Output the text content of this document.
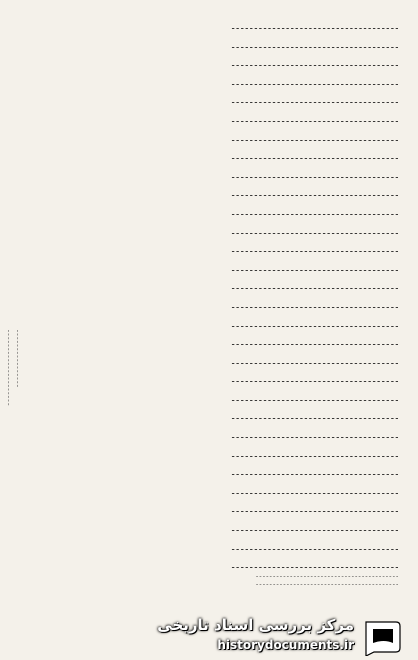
ـ ـ ـ ـ ـ ـ ـ ـ ـ ـ ـ ـ ـ ـ ـ ـ ـ ـ ـ ـ ـ ـ ـ ـ ـ ـ ـ ـ ـ ـ ـ ـ ـ ـ ـ ـ ـ
ـ ـ ـ ـ ـ ـ ـ ـ ـ ـ ـ ـ ـ ـ ـ ـ ـ ـ ـ ـ ـ ـ ـ ـ ـ ـ ـ ـ ـ ـ ـ ـ ـ ـ ـ ـ ـ
ـ ـ ـ ـ ـ ـ ـ ـ ـ ـ ـ ـ ـ ـ ـ ـ ـ ـ ـ ـ ـ ـ ـ ـ ـ ـ ـ ـ ـ ـ ـ ـ ـ ـ ـ ـ ـ
ـ ـ ـ ـ ـ ـ ـ ـ ـ ـ ـ ـ ـ ـ ـ ـ ـ ـ ـ ـ ـ ـ ـ ـ ـ ـ ـ ـ ـ ـ ـ ـ ـ ـ ـ ـ ـ
ـ ـ ـ ـ ـ ـ ـ ـ ـ ـ ـ ـ ـ ـ ـ ـ ـ ـ ـ ـ ـ ـ ـ ـ ـ ـ ـ ـ ـ ـ ـ ـ ـ ـ ـ ـ ـ
ـ ـ ـ ـ ـ ـ ـ ـ ـ ـ ـ ـ ـ ـ ـ ـ ـ ـ ـ ـ ـ ـ ـ ـ ـ ـ ـ ـ ـ ـ ـ ـ ـ ـ ـ ـ ـ
ـ ـ ـ ـ ـ ـ ـ ـ ـ ـ ـ ـ ـ ـ ـ ـ ـ ـ ـ ـ ـ ـ ـ ـ ـ ـ ـ ـ ـ ـ ـ ـ ـ ـ ـ ـ ـ
ـ ـ ـ ـ ـ ـ ـ ـ ـ ـ ـ ـ ـ ـ ـ ـ ـ ـ ـ ـ ـ ـ ـ ـ ـ ـ ـ ـ ـ ـ ـ ـ ـ ـ ـ ـ ـ
ـ ـ ـ ـ ـ ـ ـ ـ ـ ـ ـ ـ ـ ـ ـ ـ ـ ـ ـ ـ ـ ـ ـ ـ ـ ـ ـ ـ ـ ـ ـ ـ ـ ـ ـ ـ ـ
ـ ـ ـ ـ ـ ـ ـ ـ ـ ـ ـ ـ ـ ـ ـ ـ ـ ـ ـ ـ ـ ـ ـ ـ ـ ـ ـ ـ ـ ـ ـ ـ ـ ـ ـ ـ ـ
ـ ـ ـ ـ ـ ـ ـ ـ ـ ـ ـ ـ ـ ـ ـ ـ ـ ـ ـ ـ ـ ـ ـ ـ ـ ـ ـ ـ ـ ـ ـ ـ ـ ـ ـ ـ ـ
ـ ـ ـ ـ ـ ـ ـ ـ ـ ـ ـ ـ ـ ـ ـ ـ ـ ـ ـ ـ ـ ـ ـ ـ ـ ـ ـ ـ ـ ـ ـ ـ ـ ـ ـ ـ ـ
ـ ـ ـ ـ ـ ـ ـ ـ ـ ـ ـ ـ ـ ـ ـ ـ ـ ـ ـ ـ ـ ـ ـ ـ ـ ـ ـ ـ ـ ـ ـ ـ ـ ـ ـ ـ ـ
ـ ـ ـ ـ ـ ـ ـ ـ ـ ـ ـ ـ ـ ـ ـ ـ ـ ـ ـ ـ ـ ـ ـ ـ ـ ـ ـ ـ ـ ـ ـ ـ ـ ـ ـ ـ ـ
ـ ـ ـ ـ ـ ـ ـ ـ ـ ـ ـ ـ ـ ـ ـ ـ ـ ـ ـ ـ ـ ـ ـ ـ ـ ـ ـ ـ ـ ـ ـ ـ ـ ـ ـ ـ ـ
ـ ـ ـ ـ ـ ـ ـ ـ ـ ـ ـ ـ ـ ـ ـ ـ ـ ـ ـ ـ ـ ـ ـ ـ ـ ـ ـ ـ ـ ـ ـ ـ ـ ـ ـ ـ ـ
ـ ـ ـ ـ ـ ـ ـ ـ ـ ـ ـ ـ ـ ـ ـ ـ ـ ـ ـ ـ ـ ـ ـ ـ ـ ـ ـ ـ ـ ـ ـ ـ ـ ـ ـ ـ ـ
ـ ـ ـ ـ ـ ـ ـ ـ ـ ـ ـ ـ ـ ـ ـ ـ ـ ـ ـ ـ ـ ـ ـ ـ ـ ـ ـ ـ ـ ـ ـ ـ ـ ـ ـ ـ ـ
ـ ـ ـ ـ ـ ـ ـ ـ ـ ـ ـ ـ ـ ـ ـ ـ ـ ـ ـ ـ ـ ـ ـ ـ ـ ـ ـ ـ ـ ـ ـ ـ ـ ـ ـ ـ ـ
ـ ـ ـ ـ ـ ـ ـ ـ ـ ـ ـ ـ ـ ـ ـ ـ ـ ـ ـ ـ ـ ـ ـ ـ ـ ـ ـ ـ ـ ـ ـ ـ ـ ـ ـ ـ ـ
ـ ـ ـ ـ ـ ـ ـ ـ ـ ـ ـ ـ ـ ـ ـ ـ ـ ـ ـ ـ ـ ـ ـ ـ ـ ـ ـ ـ ـ ـ ـ ـ ـ ـ ـ ـ ـ
ـ ـ ـ ـ ـ ـ ـ ـ ـ ـ ـ ـ ـ ـ ـ ـ ـ ـ ـ ـ ـ ـ ـ ـ ـ ـ ـ ـ ـ ـ ـ ـ ـ ـ ـ ـ ـ
ـ ـ ـ ـ ـ ـ ـ ـ ـ ـ ـ ـ ـ ـ ـ ـ ـ ـ ـ ـ ـ ـ ـ ـ ـ ـ ـ ـ ـ ـ ـ ـ ـ ـ ـ ـ ـ
ـ ـ ـ ـ ـ ـ ـ ـ ـ ـ ـ ـ ـ ـ ـ ـ ـ ـ ـ ـ ـ ـ ـ ـ ـ ـ ـ ـ ـ ـ ـ ـ ـ ـ ـ ـ ـ
ـ ـ ـ ـ ـ ـ ـ ـ ـ ـ ـ ـ ـ ـ ـ ـ ـ ـ ـ ـ ـ ـ ـ ـ ـ ـ ـ ـ ـ ـ ـ ـ ـ ـ ـ ـ ـ
ـ ـ ـ ـ ـ ـ ـ ـ ـ ـ ـ ـ ـ ـ ـ ـ ـ ـ ـ ـ ـ ـ ـ ـ ـ ـ ـ ـ ـ ـ ـ ـ ـ ـ ـ ـ ـ
ـ ـ ـ ـ ـ ـ ـ ـ ـ ـ ـ ـ ـ ـ ـ ـ ـ ـ ـ ـ ـ ـ ـ ـ ـ ـ ـ ـ ـ ـ ـ ـ ـ ـ ـ ـ ـ
ـ ـ ـ ـ ـ ـ ـ ـ ـ ـ ـ ـ ـ ـ ـ ـ ـ ـ ـ ـ ـ ـ ـ ـ ـ ـ ـ ـ ـ ـ ـ ـ ـ ـ ـ ـ ـ
ـ ـ ـ ـ ـ ـ ـ ـ ـ ـ ـ ـ ـ ـ ـ ـ ـ ـ ـ ـ ـ ـ ـ ـ ـ ـ ـ ـ ـ ـ ـ ـ ـ ـ ـ ـ ـ
ـ ـ ـ ـ ـ ـ ـ ـ ـ ـ ـ ـ ـ ـ ـ ـ ـ ـ ـ ـ ـ ـ ـ ـ ـ ـ ـ ـ ـ ـ ـ ـ ـ ـ ـ ـ ـ
ـ ـ ـ ـ ـ ـ ـ ـ ـ ـ ـ ـ ـ ـ ـ ـ ـ ـ ـ ـ ـ ـ ـ ـ ـ ـ ـ ـ ـ ـ ـ ـ ـ ـ ـ ـ ـ ـ ـ ـ ـ ـ
ـ ـ ـ ـ ـ ـ ـ ـ ـ ـ ـ ـ ـ ـ ـ ـ ـ ـ ـ ـ ـ ـ ـ ـ ـ ـ ـ ـ ـ ـ ـ ـ ـ ـ ـ ـ ـ ـ ـ ـ ـ ـ
ـ ـ ـ ـ ـ ـ ـ ـ ـ ـ ـ ـ ـ ـ ـ ـ ـ ـ ـ ـ ـ ـ ـ ـ ـ ـ ـ ـ ـ ـ ـ ـ ـ ـ ـ ـ ـ
مرکز بررسی اسناد تاریخی
historydocuments.ir
